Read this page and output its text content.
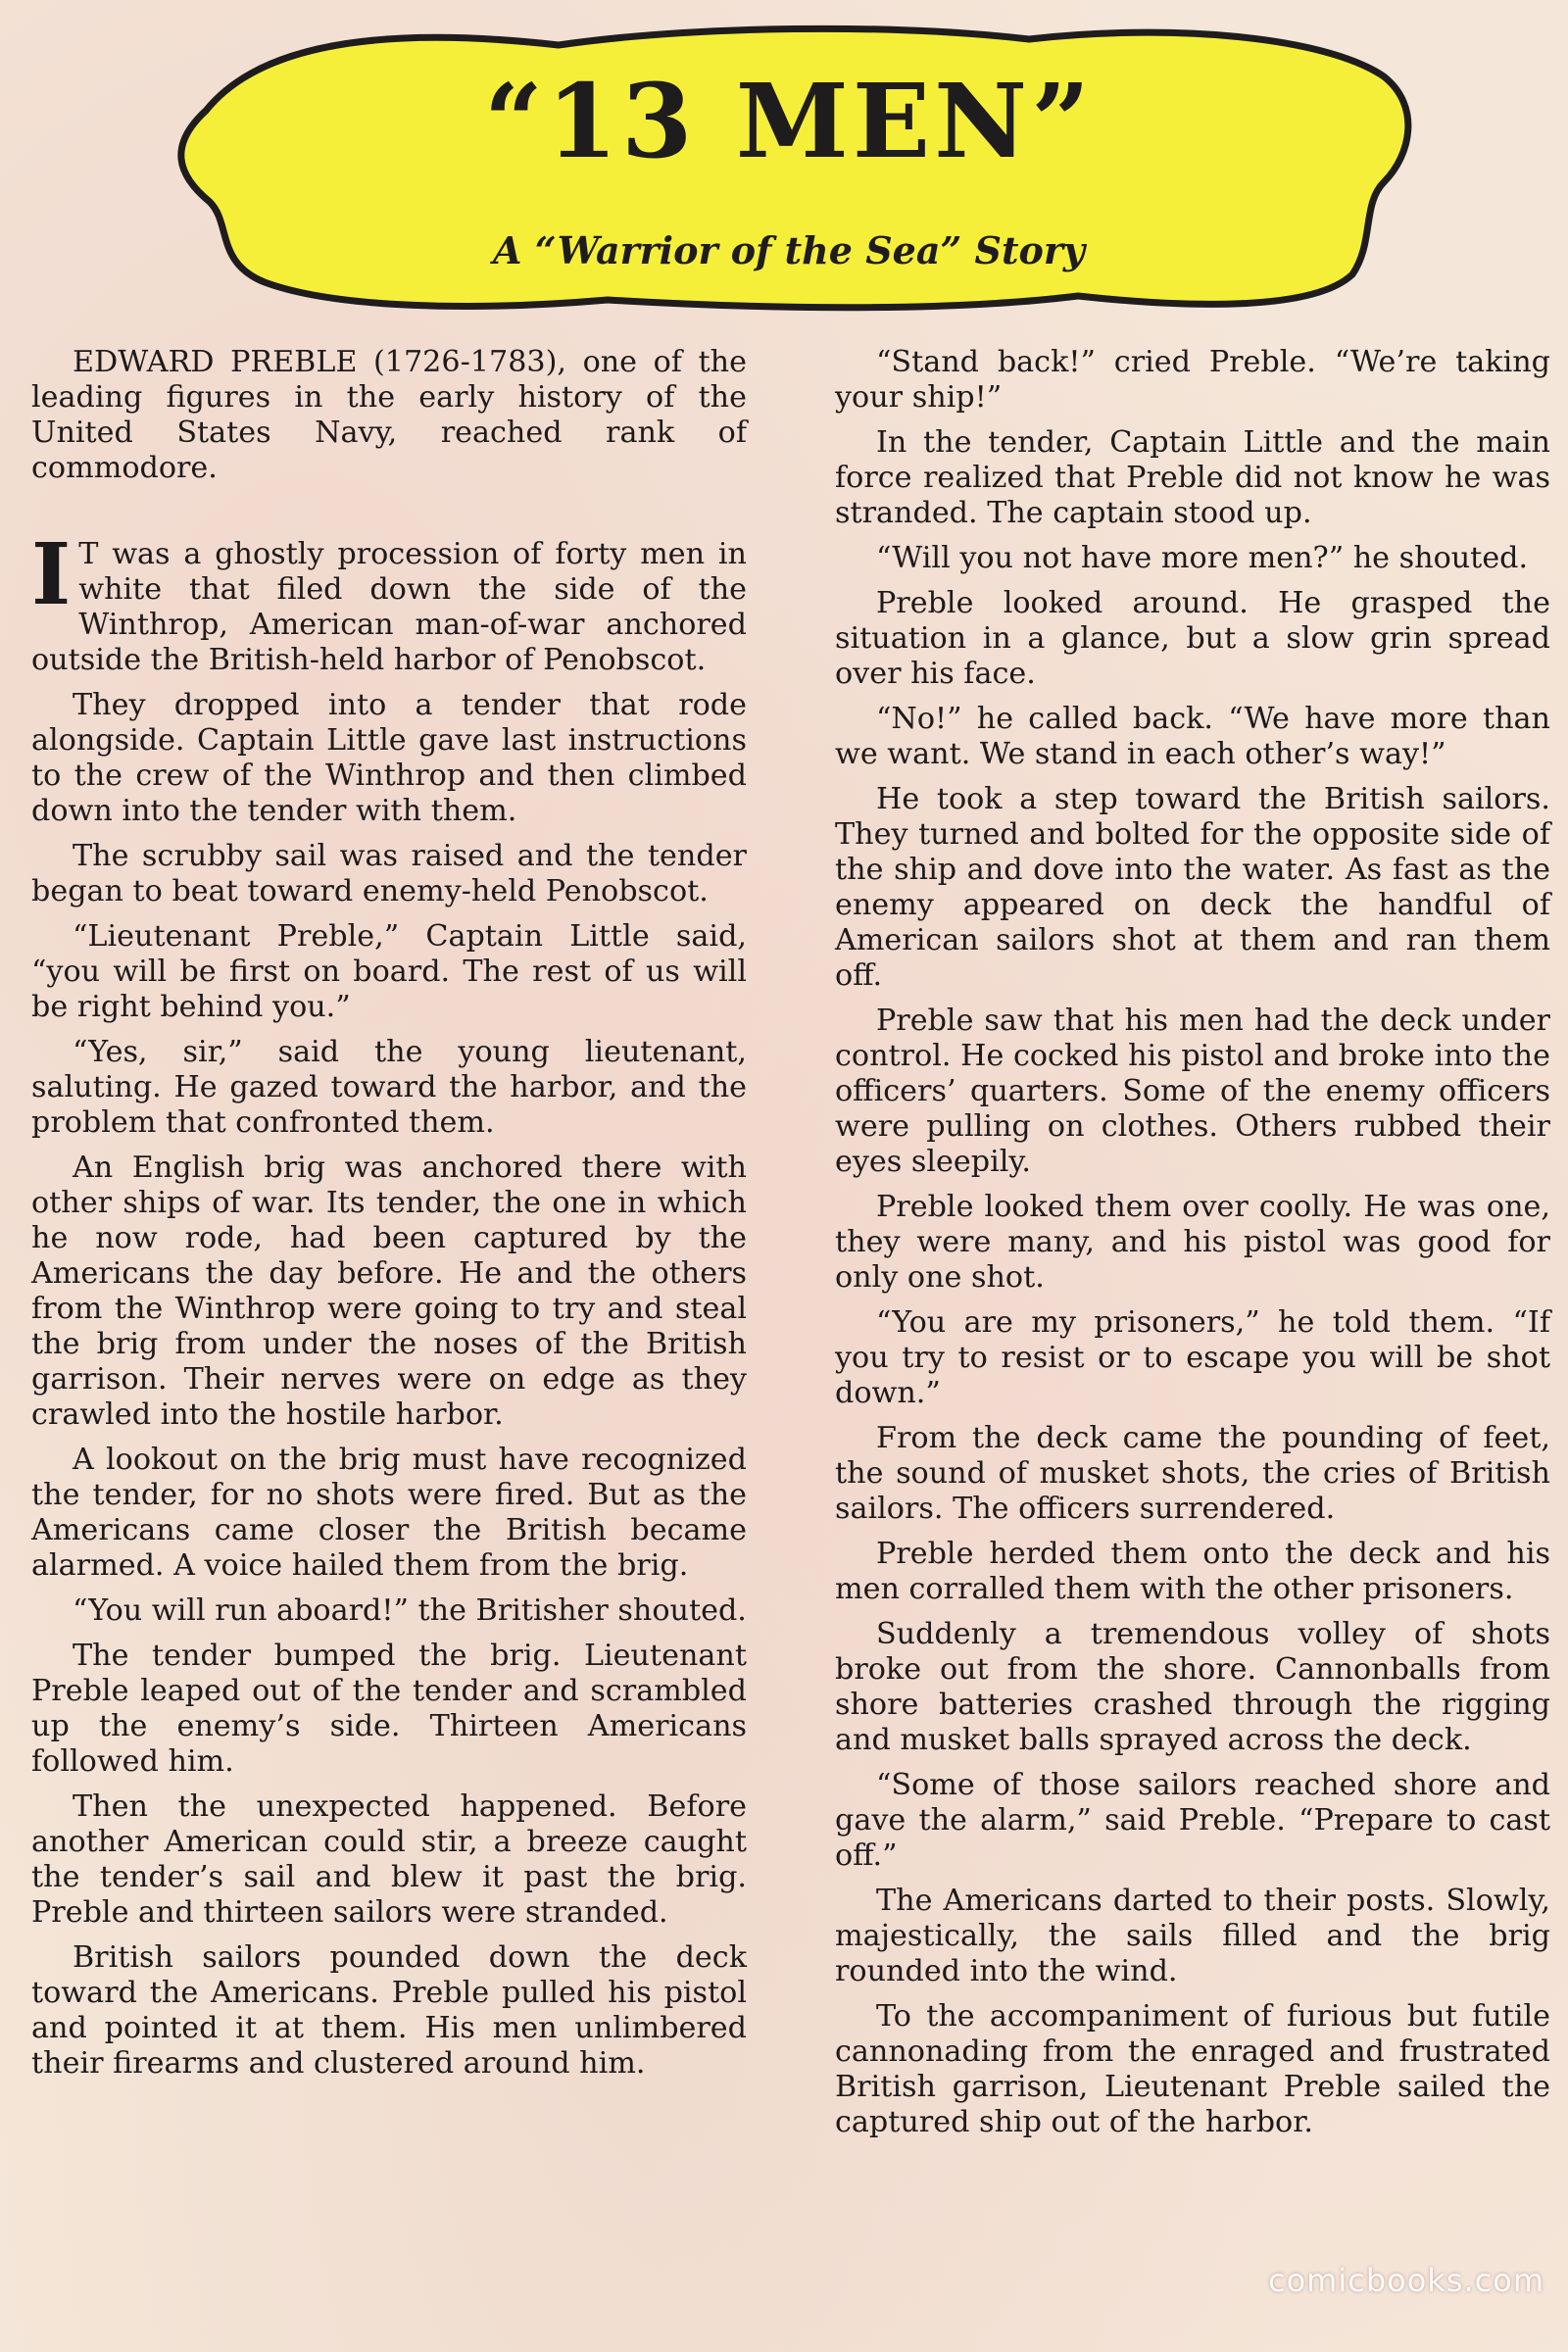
“13 MEN”
A “Warrior of the Sea” Story

EDWARD PREBLE (1726-1783), one of the leading figures in the early history of the United States Navy, reached rank of commodore.

I T was a ghostly procession of forty men in white that filed down the side of the Winthrop, American man-of-war anchored outside the British-held harbor of Penobscot.

They dropped into a tender that rode alongside. Captain Little gave last instructions to the crew of the Winthrop and then climbed down into the tender with them.

The scrubby sail was raised and the tender began to beat toward enemy-held Penobscot.

“Lieutenant Preble,” Captain Little said, “you will be first on board. The rest of us will be right behind you.”

“Yes, sir,” said the young lieutenant, saluting. He gazed toward the harbor, and the problem that confronted them.

An English brig was anchored there with other ships of war. Its tender, the one in which he now rode, had been captured by the Americans the day before. He and the others from the Winthrop were going to try and steal the brig from under the noses of the British garrison. Their nerves were on edge as they crawled into the hostile harbor.

A lookout on the brig must have recognized the tender, for no shots were fired. But as the Americans came closer the British became alarmed. A voice hailed them from the brig.

“You will run aboard!” the Britisher shouted.

The tender bumped the brig. Lieutenant Preble leaped out of the tender and scrambled up the enemy’s side. Thirteen Americans followed him.

Then the unexpected happened. Before another American could stir, a breeze caught the tender’s sail and blew it past the brig. Preble and thirteen sailors were stranded.

British sailors pounded down the deck toward the Americans. Preble pulled his pistol and pointed it at them. His men unlimbered their firearms and clustered around him.

“Stand back!” cried Preble. “We’re taking your ship!”

In the tender, Captain Little and the main force realized that Preble did not know he was stranded. The captain stood up.

“Will you not have more men?” he shouted.

Preble looked around. He grasped the situation in a glance, but a slow grin spread over his face.

“No!” he called back. “We have more than we want. We stand in each other’s way!”

He took a step toward the British sailors. They turned and bolted for the opposite side of the ship and dove into the water. As fast as the enemy appeared on deck the handful of American sailors shot at them and ran them off.

Preble saw that his men had the deck under control. He cocked his pistol and broke into the officers’ quarters. Some of the enemy officers were pulling on clothes. Others rubbed their eyes sleepily.

Preble looked them over coolly. He was one, they were many, and his pistol was good for only one shot.

“You are my prisoners,” he told them. “If you try to resist or to escape you will be shot down.”

From the deck came the pounding of feet, the sound of musket shots, the cries of British sailors. The officers surrendered.

Preble herded them onto the deck and his men corralled them with the other prisoners.

Suddenly a tremendous volley of shots broke out from the shore. Cannonballs from shore batteries crashed through the rigging and musket balls sprayed across the deck.

“Some of those sailors reached shore and gave the alarm,” said Preble. “Prepare to cast off.”

The Americans darted to their posts. Slowly, majestically, the sails filled and the brig rounded into the wind.

To the accompaniment of furious but futile cannonading from the enraged and frustrated British garrison, Lieutenant Preble sailed the captured ship out of the harbor.

comicbooks.com
